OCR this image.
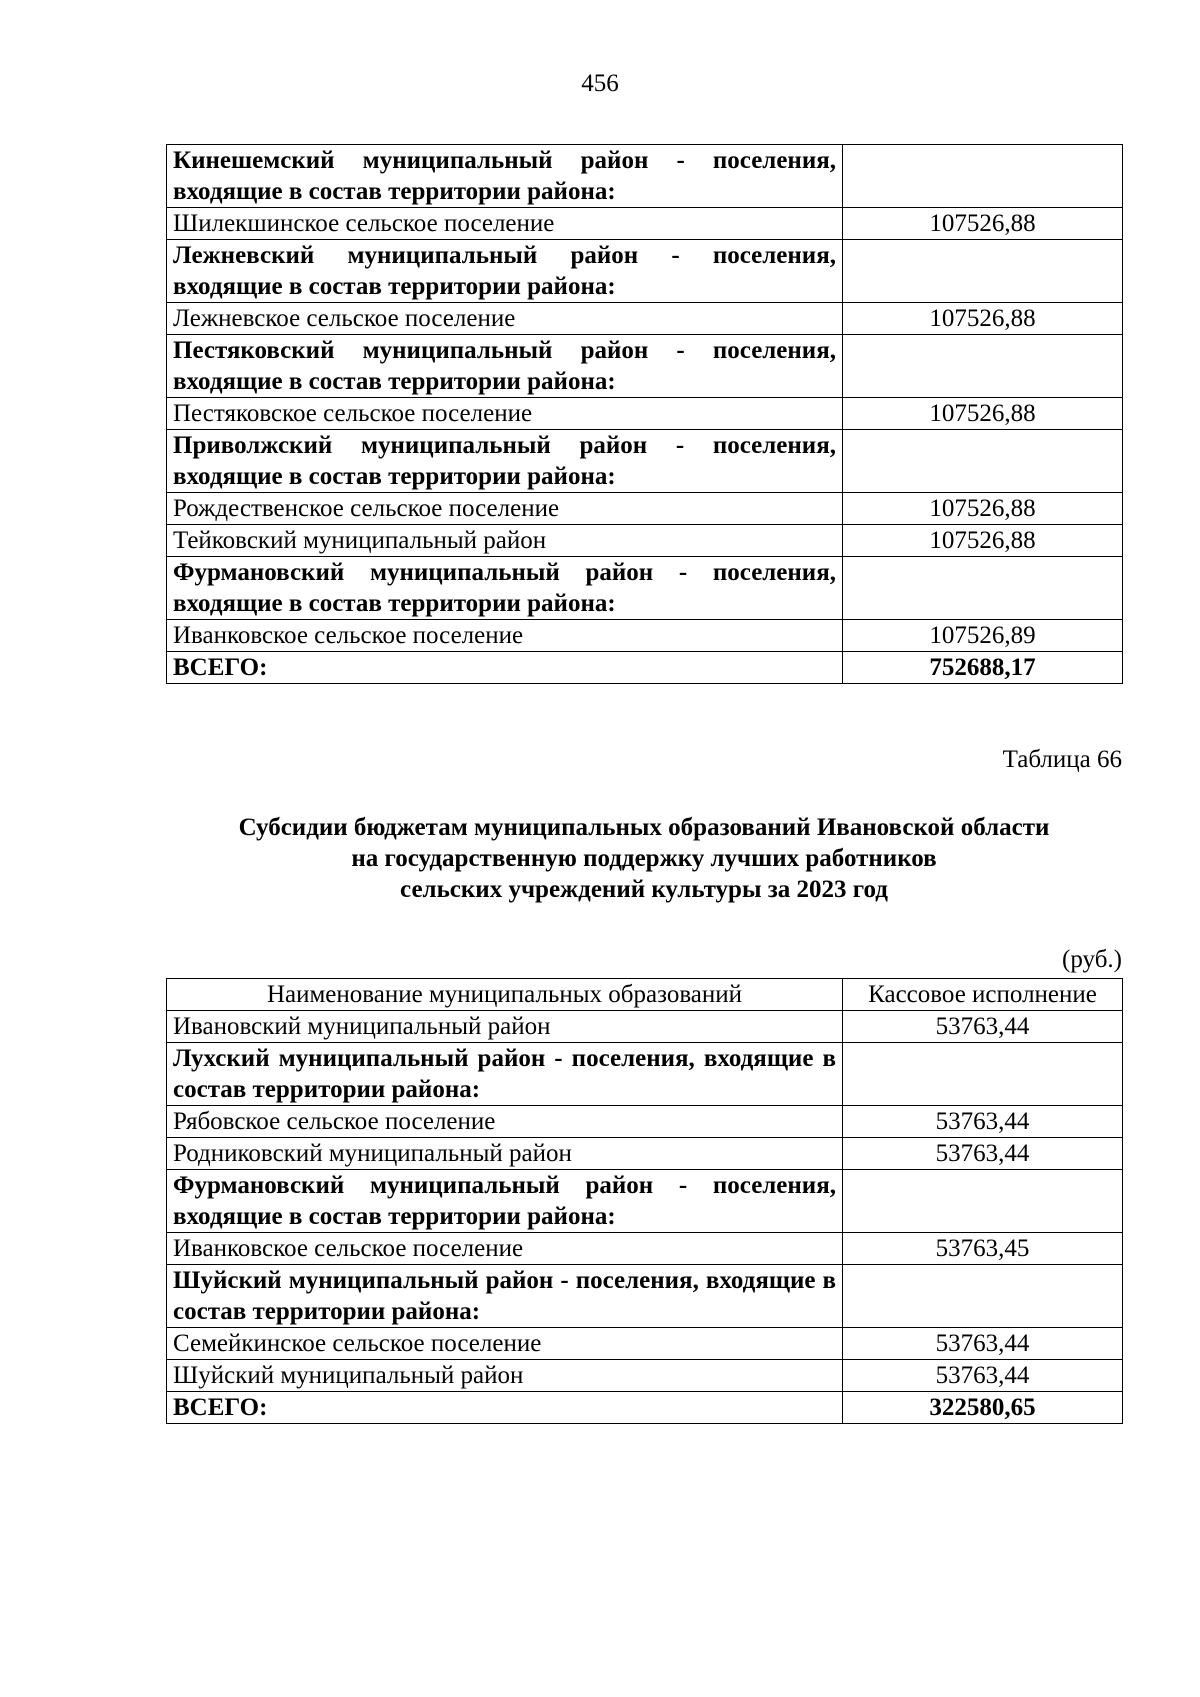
456
Кинешемский муниципальный район - поселения, входящие в состав территории района:	
Шилекшинское сельское поселение	107526,88
Лежневский муниципальный район - поселения, входящие в состав территории района:	
Лежневское сельское поселение	107526,88
Пестяковский муниципальный район - поселения, входящие в состав территории района:	
Пестяковское сельское поселение	107526,88
Приволжский муниципальный район - поселения, входящие в состав территории района:	
Рождественское сельское поселение	107526,88
Тейковский муниципальный район	107526,88
Фурмановский муниципальный район - поселения, входящие в состав территории района:	
Иванковское сельское поселение	107526,89
ВСЕГО:	752688,17
Таблица 66
Субсидии бюджетам муниципальных образований Ивановской области
на государственную поддержку лучших работников
сельских учреждений культуры за 2023 год
(руб.)
Наименование муниципальных образований	Кассовое исполнение
Ивановский муниципальный район	53763,44
Лухский муниципальный район - поселения, входящие в состав территории района:	
Рябовское сельское поселение	53763,44
Родниковский муниципальный район	53763,44
Фурмановский муниципальный район - поселения, входящие в состав территории района:	
Иванковское сельское поселение	53763,45
Шуйский муниципальный район - поселения, входящие в состав территории района:	
Семейкинское сельское поселение	53763,44
Шуйский муниципальный район	53763,44
ВСЕГО:	322580,65
